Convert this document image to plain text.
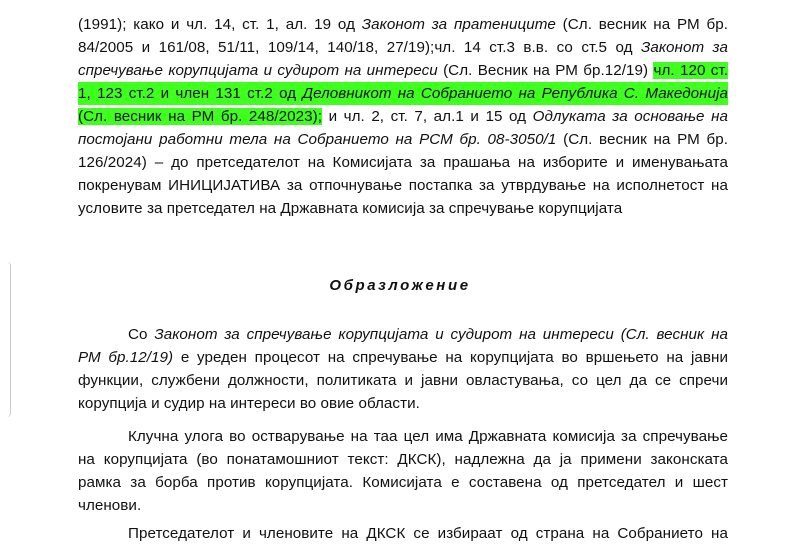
(1991); како и чл. 14, ст. 1, ал. 19 од Законот за пратениците (Сл. весник на РМ бр.
84/2005 и 161/08, 51/11, 109/14, 140/18, 27/19);чл. 14 ст.3 в.в. со ст.5 од Законот за
спречување корупцијата и судирот на интереси (Сл. Весник на РМ бр.12/19) чл. 120 ст.
1, 123 ст.2 и член 131 ст.2 од Деловникот на Собранието на Република С. Македонија
(Сл. весник на РМ бр. 248/2023); и чл. 2, ст. 7, ал.1 и 15 од Одлуката за основање на
постојани работни тела на Собранието на РСМ бр. 08-3050/1 (Сл. весник на РМ бр.
126/2024) – до претседателот на Комисијата за прашања на изборите и именувањата
покренувам ИНИЦИЈАТИВА за отпочнување постапка за утврдување на исполнетост на
условите за претседател на Државната комисија за спречување корупцијата
Образложение
Со Законот за спречување корупцијата и судирот на интереси (Сл. весник на
РМ бр.12/19) е уреден процесот на спречување на корупцијата во вршењето на јавни
функции, службени должности, политиката и јавни овластувања, со цел да се спречи
корупција и судир на интереси во овие области.
Клучна улога во остварување на таа цел има Државната комисија за спречување
на корупцијата (во понатамошниот текст: ДКСК), надлежна да ја примени законската
рамка за борба против корупцијата. Комисијата е составена од претседател и шест
членови.
Претседателот и членовите на ДКСК се избираат од страна на Собранието на
